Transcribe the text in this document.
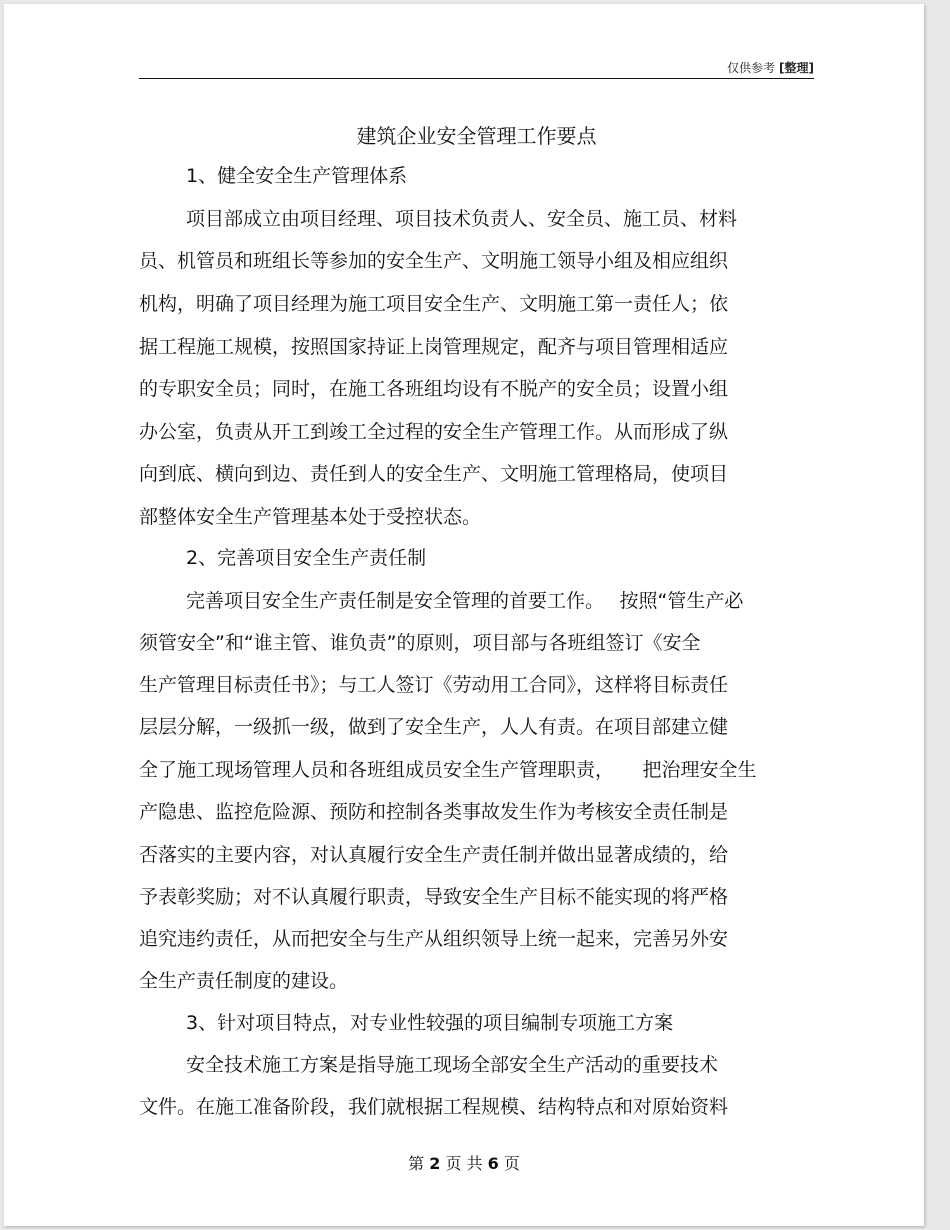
仅供参考 [整理]
建筑企业安全管理工作要点
1、健全安全生产管理体系
项目部成立由项目经理、项目技术负责人、安全员、施工员、材料
员、机管员和班组长等参加的安全生产、文明施工领导小组及相应组织
机构，明确了项目经理为施工项目安全生产、文明施工第一责任人；依
据工程施工规模，按照国家持证上岗管理规定，配齐与项目管理相适应
的专职安全员；同时，在施工各班组均设有不脱产的安全员；设置小组
办公室，负责从开工到竣工全过程的安全生产管理工作。从而形成了纵
向到底、横向到边、责任到人的安全生产、文明施工管理格局，使项目
部整体安全生产管理基本处于受控状态。
2、完善项目安全生产责任制
完善项目安全生产责任制是安全管理的首要工作。　 按照“管生产必
须管安全”和“谁主管、谁负责”的原则，项目部与各班组签订《安全
生产管理目标责任书》；与工人签订《劳动用工合同》，这样将目标责任
层层分解，一级抓一级，做到了安全生产，人人有责。在项目部建立健
全了施工现场管理人员和各班组成员安全生产管理职责，　　把治理安全生
产隐患、监控危险源、预防和控制各类事故发生作为考核安全责任制是
否落实的主要内容，对认真履行安全生产责任制并做出显著成绩的，给
予表彰奖励；对不认真履行职责，导致安全生产目标不能实现的将严格
追究违约责任，从而把安全与生产从组织领导上统一起来，完善另外安
全生产责任制度的建设。
3、针对项目特点，对专业性较强的项目编制专项施工方案
安全技术施工方案是指导施工现场全部安全生产活动的重要技术
文件。在施工准备阶段，我们就根据工程规模、结构特点和对原始资料
第 2 页 共 6 页
